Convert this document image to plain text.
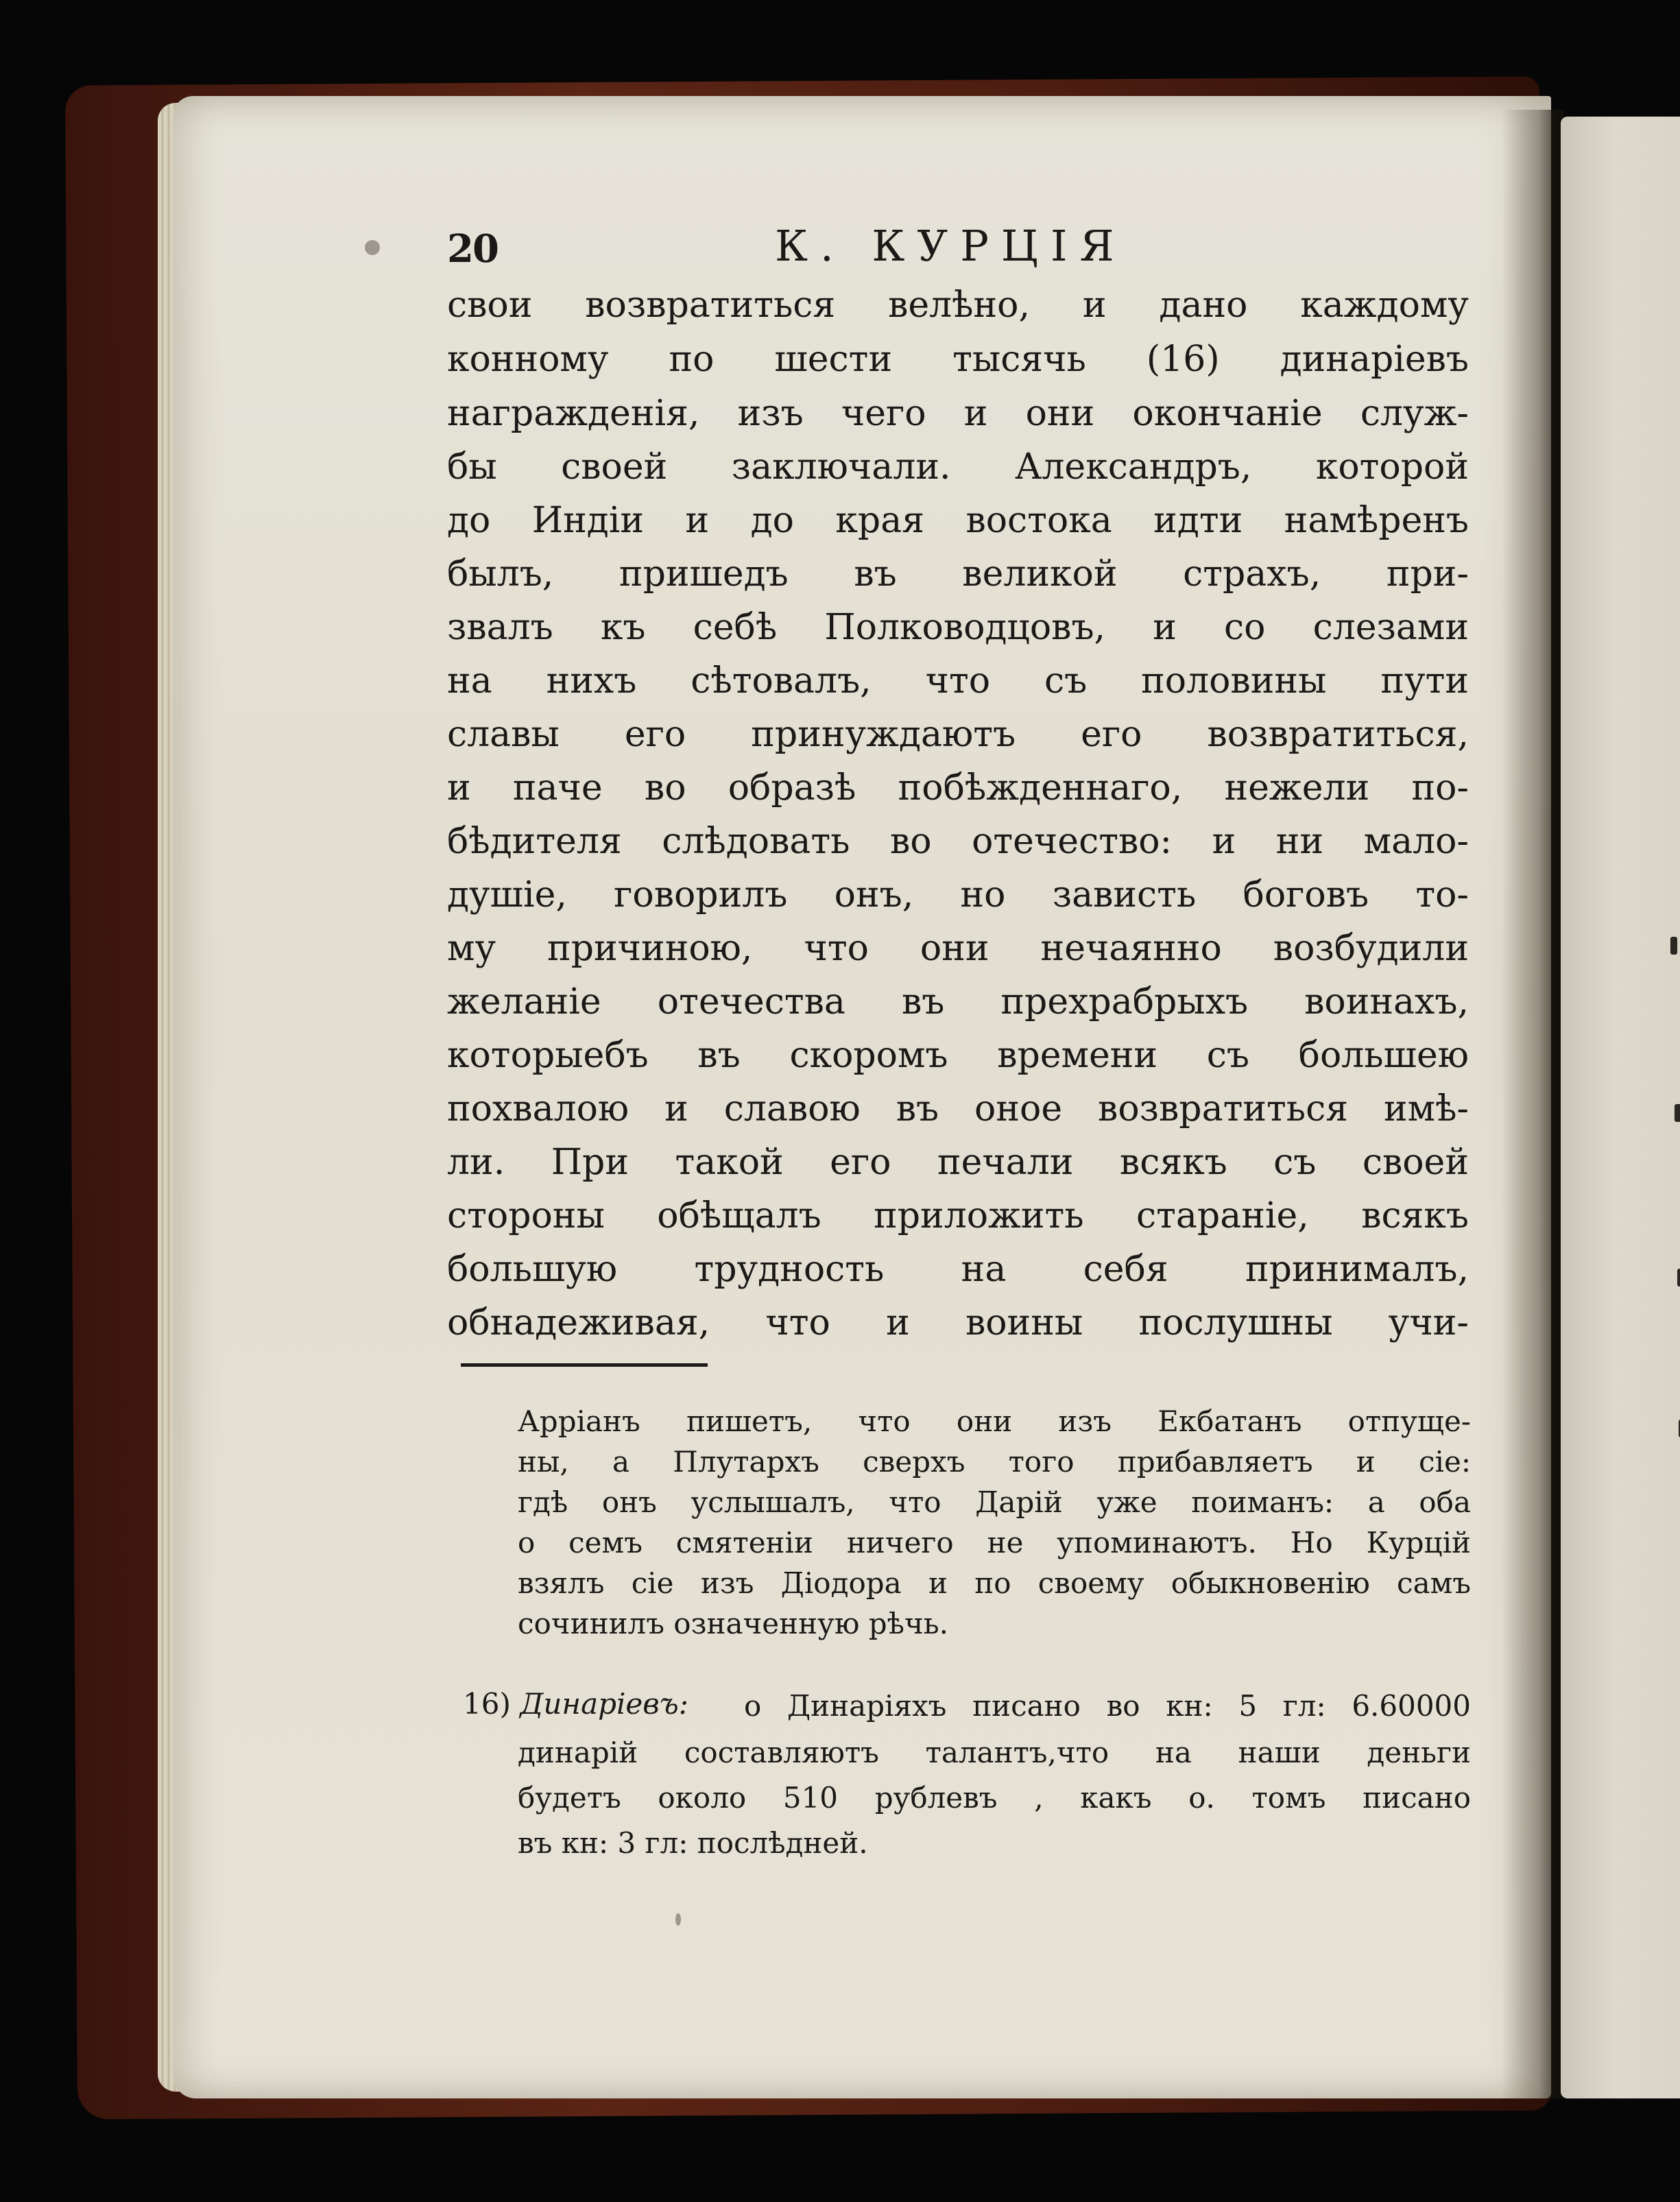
20	К. КУРЦІЯ
свои возвратиться велѣно, и дано каждому
конному по шести тысячь (16) динаріевъ
награжденія, изъ чего и они окончаніе служ-
бы своей заключали. Александръ, которой
до Индіи и до края востока идти намѣренъ
былъ, пришедъ въ великой страхъ, при-
звалъ къ себѣ Полководцовъ, и со слезами
на нихъ сѣтовалъ, что съ половины пути
славы его принуждаютъ его возвратиться,
и паче во образѣ побѣжденнаго, нежели по-
бѣдителя слѣдовать во отечество: и ни мало-
душіе, говорилъ онъ, но зависть боговъ то-
му причиною, что они нечаянно возбудили
желаніе отечества въ прехрабрыхъ воинахъ,
которыебъ въ скоромъ времени съ большею
похвалою и славою въ оное возвратиться имѣ-
ли. При такой его печали всякъ съ своей
стороны обѣщалъ приложить стараніе, всякъ
большую трудность на себя принималъ,
обнадеживая, что и воины послушны учи-
Арріанъ пишетъ, что они изъ Екбатанъ отпуще-
ны, а Плутархъ сверхъ того прибавляетъ и сіе:
гдѣ онъ услышалъ, что Дарій уже поиманъ: а оба
о семъ смятеніи ничего не упоминаютъ. Но Курцій
взялъ сіе изъ Діодора и по своему обыкновенію самъ
сочинилъ означенную рѣчь.
16) Динаріевъ: о Динаріяхъ писано во кн: 5 гл: 6.60000
динарій составляютъ талантъ,что на наши деньги
будетъ около 510 рублевъ , какъ о. томъ писано
въ кн: 3 гл: послѣдней.
